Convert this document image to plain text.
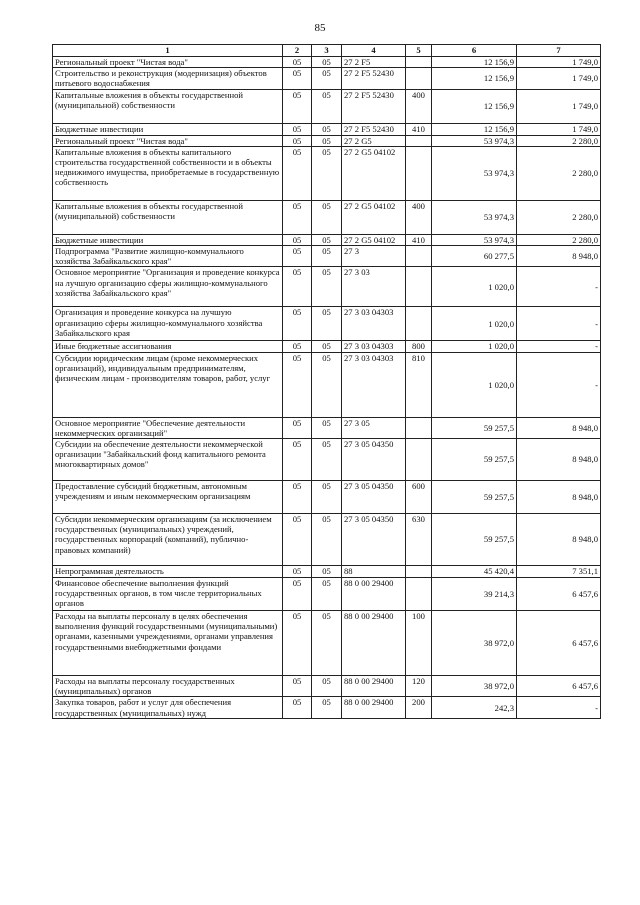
85
1	2	3	4	5	6	7
Региональный проект "Чистая вода"	05	05	27 2 F5		12 156,9	1 749,0
Строительство и реконструкция (модернизация) объектов питьевого водоснабжения	05	05	27 2 F5 52430		12 156,9	1 749,0
Капитальные вложения в объекты государственной (муниципальной) собственности	05	05	27 2 F5 52430	400	12 156,9	1 749,0
Бюджетные инвестиции	05	05	27 2 F5 52430	410	12 156,9	1 749,0
Региональный проект "Чистая вода"	05	05	27 2 G5		53 974,3	2 280,0
Капитальные вложения в объекты капитального строительства государственной собственности и в объекты недвижимого имущества, приобретаемые в государственную собственность	05	05	27 2 G5 04102		53 974,3	2 280,0
Капитальные вложения в объекты государственной (муниципальной) собственности	05	05	27 2 G5 04102	400	53 974,3	2 280,0
Бюджетные инвестиции	05	05	27 2 G5 04102	410	53 974,3	2 280,0
Подпрограмма "Развитие жилищно-коммунального хозяйства Забайкальского края"	05	05	27 3		60 277,5	8 948,0
Основное мероприятие "Организация и проведение конкурса на лучшую организацию сферы жилищно-коммунального хозяйства Забайкальского края"	05	05	27 3 03		1 020,0	-
Организация и проведение конкурса на лучшую организацию сферы жилищно-коммунального хозяйства Забайкальского края	05	05	27 3 03 04303		1 020,0	-
Иные бюджетные ассигнования	05	05	27 3 03 04303	800	1 020,0	-
Субсидии юридическим лицам (кроме некоммерческих организаций), индивидуальным предпринимателям, физическим лицам - производителям товаров, работ, услуг	05	05	27 3 03 04303	810	1 020,0	-
Основное мероприятие "Обеспечение деятельности некоммерческих организаций"	05	05	27 3 05		59 257,5	8 948,0
Субсидии на обеспечение деятельности некоммерческой организации "Забайкальский фонд капитального ремонта многоквартирных домов"	05	05	27 3 05 04350		59 257,5	8 948,0
Предоставление субсидий бюджетным, автономным учреждениям и иным некоммерческим организациям	05	05	27 3 05 04350	600	59 257,5	8 948,0
Субсидии некоммерческим организациям (за исключением государственных (муниципальных) учреждений, государственных корпораций (компаний), публично-правовых компаний)	05	05	27 3 05 04350	630	59 257,5	8 948,0
Непрограммная деятельность	05	05	88		45 420,4	7 351,1
Финансовое обеспечение выполнения функций государственных органов, в том числе территориальных органов	05	05	88 0 00 29400		39 214,3	6 457,6
Расходы на выплаты персоналу в целях обеспечения выполнения функций государственными (муниципальными) органами, казенными учреждениями, органами управления государственными внебюджетными фондами	05	05	88 0 00 29400	100	38 972,0	6 457,6
Расходы на выплаты персоналу государственных (муниципальных) органов	05	05	88 0 00 29400	120	38 972,0	6 457,6
Закупка товаров, работ и услуг для обеспечения государственных (муниципальных) нужд	05	05	88 0 00 29400	200	242,3	-
